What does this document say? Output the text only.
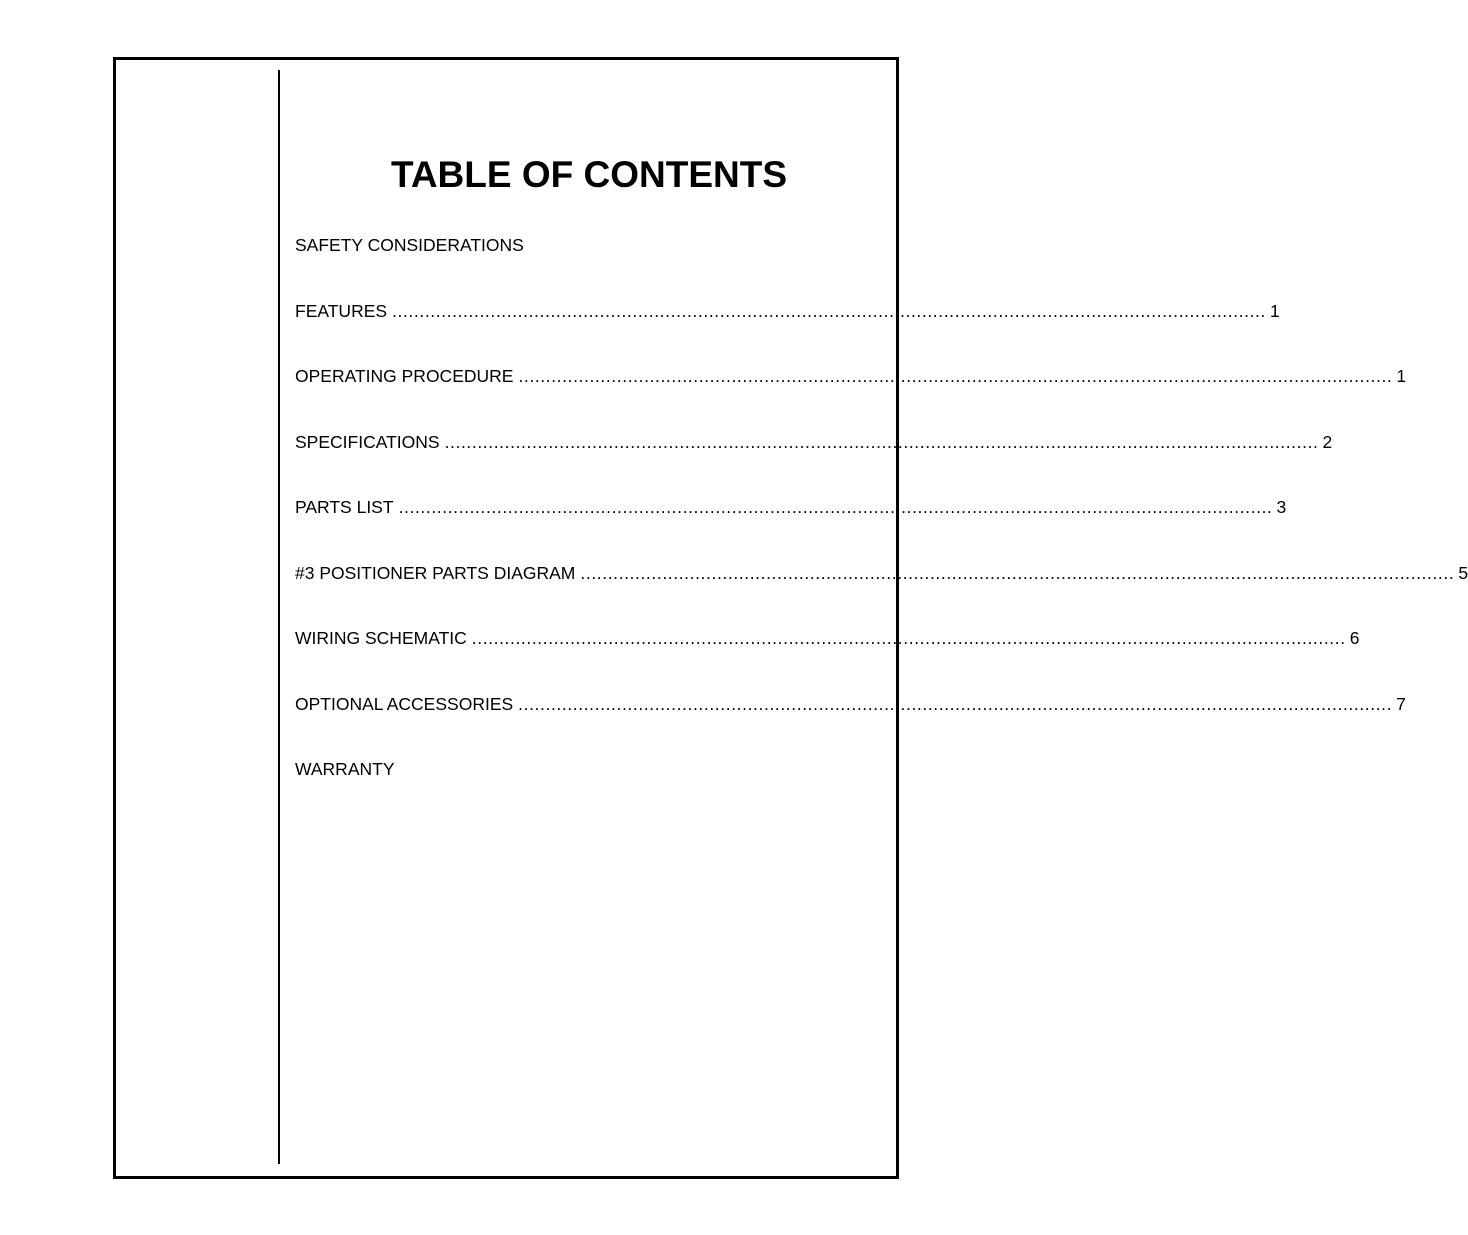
TABLE OF CONTENTS
SAFETY CONSIDERATIONS
FEATURES ................................................................................................................................................................ 1
OPERATING PROCEDURE ................................................................................................................................................................ 1
SPECIFICATIONS ................................................................................................................................................................ 2
PARTS LIST ................................................................................................................................................................ 3
#3 POSITIONER PARTS DIAGRAM ................................................................................................................................................................ 5
WIRING SCHEMATIC ................................................................................................................................................................ 6
OPTIONAL ACCESSORIES ................................................................................................................................................................ 7
WARRANTY
